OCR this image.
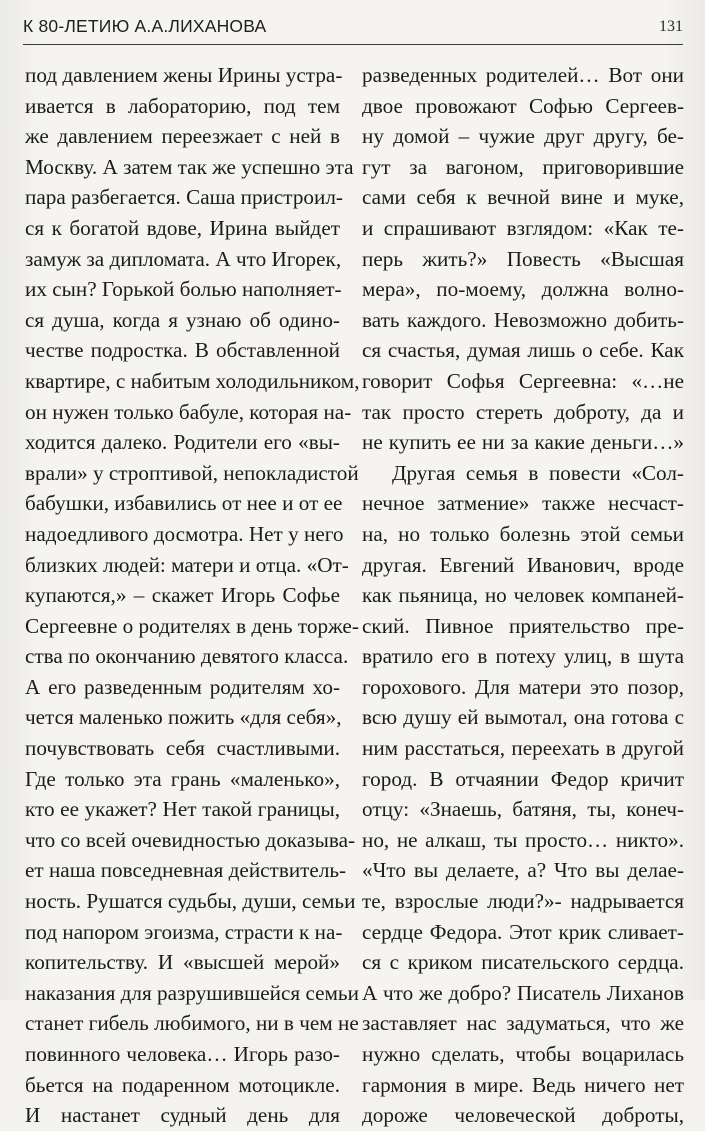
К 80-ЛЕТИЮ А.А.ЛИХАНОВА	131
под давлением жены Ирины устра-
ивается в лабораторию, под тем
же давлением переезжает с ней в
Москву. А затем так же успешно эта
пара разбегается. Саша пристроил-
ся к богатой вдове, Ирина выйдет
замуж за дипломата. А что Игорек,
их сын? Горькой болью наполняет-
ся душа, когда я узнаю об одино-
честве подростка. В обставленной
квартире, с набитым холодильником,
он нужен только бабуле, которая на-
ходится далеко. Родители его «вы-
врали» у строптивой, непокладистой
бабушки, избавились от нее и от ее
надоедливого досмотра. Нет у него
близких людей: матери и отца. «От-
купаются,» – скажет Игорь Софье
Сергеевне о родителях в день торже-
ства по окончанию девятого класса.
А его разведенным родителям хо-
чется маленько пожить «для себя»,
почувствовать себя счастливыми.
Где только эта грань «маленько»,
кто ее укажет? Нет такой границы,
что со всей очевидностью доказыва-
ет наша повседневная действитель-
ность. Рушатся судьбы, души, семьи
под напором эгоизма, страсти к на-
копительству. И «высшей мерой»
наказания для разрушившейся семьи
станет гибель любимого, ни в чем не
повинного человека… Игорь разо-
бьется на подаренном мотоцикле.
И настанет судный день для
разведенных родителей… Вот они
двое провожают Софью Сергеев-
ну домой – чужие друг другу, бе-
гут за вагоном, приговорившие
сами себя к вечной вине и муке,
и спрашивают взглядом: «Как те-
перь жить?» Повесть «Высшая
мера», по-моему, должна волно-
вать каждого. Невозможно добить-
ся счастья, думая лишь о себе. Как
говорит Софья Сергеевна: «…не
так просто стереть доброту, да и
не купить ее ни за какие деньги…»
Другая семья в повести «Сол-
нечное затмение» также несчаст-
на, но только болезнь этой семьи
другая. Евгений Иванович, вроде
как пьяница, но человек компаней-
ский. Пивное приятельство пре-
вратило его в потеху улиц, в шута
горохового. Для матери это позор,
всю душу ей вымотал, она готова с
ним расстаться, переехать в другой
город. В отчаянии Федор кричит
отцу: «Знаешь, батяня, ты, конеч-
но, не алкаш, ты просто… никто».
«Что вы делаете, а? Что вы делае-
те, взрослые люди?»- надрывается
сердце Федора. Этот крик сливает-
ся с криком писательского сердца.
А что же добро? Писатель Лиханов
заставляет нас задуматься, что же
нужно сделать, чтобы воцарилась
гармония в мире. Ведь ничего нет
дороже человеческой доброты,
